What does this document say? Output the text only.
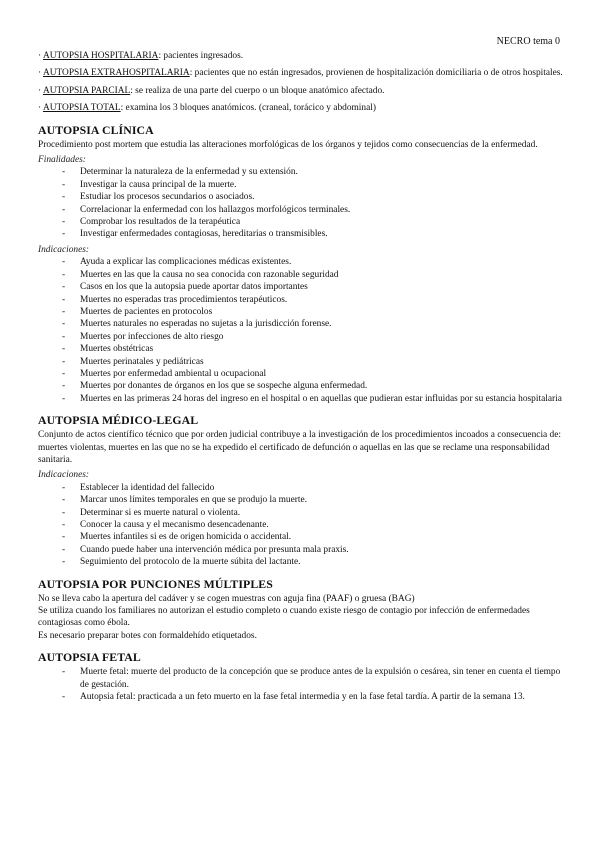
NECRO tema 0

· AUTOPSIA HOSPITALARIA: pacientes ingresados.

· AUTOPSIA EXTRAHOSPITALARIA: pacientes que no están ingresados, provienen de hospitalización domiciliaria o de otros hospitales.

· AUTOPSIA PARCIAL: se realiza de una parte del cuerpo o un bloque anatómico afectado.

· AUTOPSIA TOTAL: examina los 3 bloques anatómicos. (craneal, torácico y abdominal)

AUTOPSIA CLÍNICA

Procedimiento post mortem que estudia las alteraciones morfológicas de los órganos y tejidos como consecuencias de la enfermedad.

Finalidades:
- Determinar la naturaleza de la enfermedad y su extensión.
- Investigar la causa principal de la muerte.
- Estudiar los procesos secundarios o asociados.
- Correlacionar la enfermedad con los hallazgos morfológicos terminales.
- Comprobar los resultados de la terapéutica
- Investigar enfermedades contagiosas, hereditarias o transmisibles.
Indicaciones:
- Ayuda a explicar las complicaciones médicas existentes.
- Muertes en las que la causa no sea conocida con razonable seguridad
- Casos en los que la autopsia puede aportar datos importantes
- Muertes no esperadas tras procedimientos terapéuticos.
- Muertes de pacientes en protocolos
- Muertes naturales no esperadas no sujetas a la jurisdicción forense.
- Muertes por infecciones de alto riesgo
- Muertes obstétricas
- Muertes perinatales y pediátricas
- Muertes por enfermedad ambiental u ocupacional
- Muertes por donantes de órganos en los que se sospeche alguna enfermedad.
- Muertes en las primeras 24 horas del ingreso en el hospital o en aquellas que pudieran estar influidas por su estancia hospitalaria
AUTOPSIA MÉDICO-LEGAL

Conjunto de actos científico técnico que por orden judicial contribuye a la investigación de los procedimientos incoados a consecuencia de: muertes violentas, muertes en las que no se ha expedido el certificado de defunción o aquellas en las que se reclame una responsabilidad sanitaria.

Indicaciones:
- Establecer la identidad del fallecido
- Marcar unos límites temporales en que se produjo la muerte.
- Determinar si es muerte natural o violenta.
- Conocer la causa y el mecanismo desencadenante.
- Muertes infantiles si es de origen homicida o accidental.
- Cuando puede haber una intervención médica por presunta mala praxis.
- Seguimiento del protocolo de la muerte súbita del lactante.
AUTOPSIA POR PUNCIONES MÚLTIPLES

No se lleva cabo la apertura del cadáver y se cogen muestras con aguja fina (PAAF) o gruesa (BAG)

Se utiliza cuando los familiares no autorizan el estudio completo o cuando existe riesgo de contagio por infección de enfermedades contagiosas como ébola.

Es necesario preparar botes con formaldehído etiquetados.

AUTOPSIA FETAL
- Muerte fetal: muerte del producto de la concepción que se produce antes de la expulsión o cesárea, sin tener en cuenta el tiempo de gestación.
- Autopsia fetal: practicada a un feto muerto en la fase fetal intermedia y en la fase fetal tardía. A partir de la semana 13.
